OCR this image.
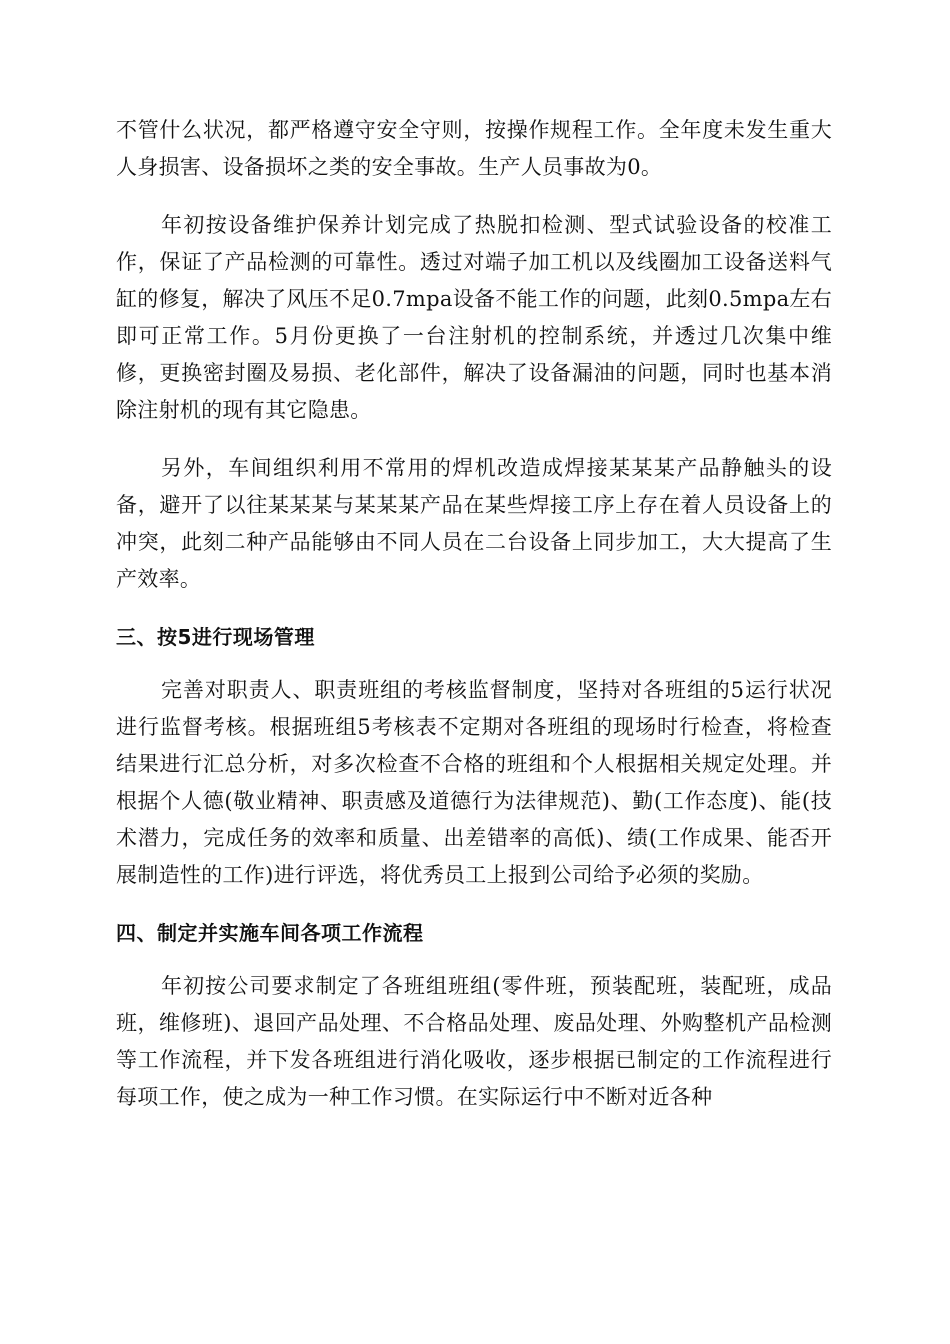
不管什么状况，都严格遵守安全守则，按操作规程工作。全年度未发生重大人身损害、设备损坏之类的安全事故。生产人员事故为0。

年初按设备维护保养计划完成了热脱扣检测、型式试验设备的校准工作，保证了产品检测的可靠性。透过对端子加工机以及线圈加工设备送料气缸的修复，解决了风压不足0.7mpa设备不能工作的问题，此刻0.5mpa左右即可正常工作。5月份更换了一台注射机的控制系统，并透过几次集中维修，更换密封圈及易损、老化部件，解决了设备漏油的问题，同时也基本消除注射机的现有其它隐患。

另外，车间组织利用不常用的焊机改造成焊接某某某产品静触头的设备，避开了以往某某某与某某某产品在某些焊接工序上存在着人员设备上的冲突，此刻二种产品能够由不同人员在二台设备上同步加工，大大提高了生产效率。

三、按5进行现场管理

完善对职责人、职责班组的考核监督制度，坚持对各班组的5运行状况进行监督考核。根据班组5考核表不定期对各班组的现场时行检查，将检查结果进行汇总分析，对多次检查不合格的班组和个人根据相关规定处理。并根据个人德(敬业精神、职责感及道德行为法律规范)、勤(工作态度)、能(技术潜力，完成任务的效率和质量、出差错率的高低)、绩(工作成果、能否开展制造性的工作)进行评选，将优秀员工上报到公司给予必须的奖励。

四、制定并实施车间各项工作流程

年初按公司要求制定了各班组班组(零件班，预装配班，装配班，成品班，维修班)、退回产品处理、不合格品处理、废品处理、外购整机产品检测等工作流程，并下发各班组进行消化吸收，逐步根据已制定的工作流程进行每项工作，使之成为一种工作习惯。在实际运行中不断对近各种
